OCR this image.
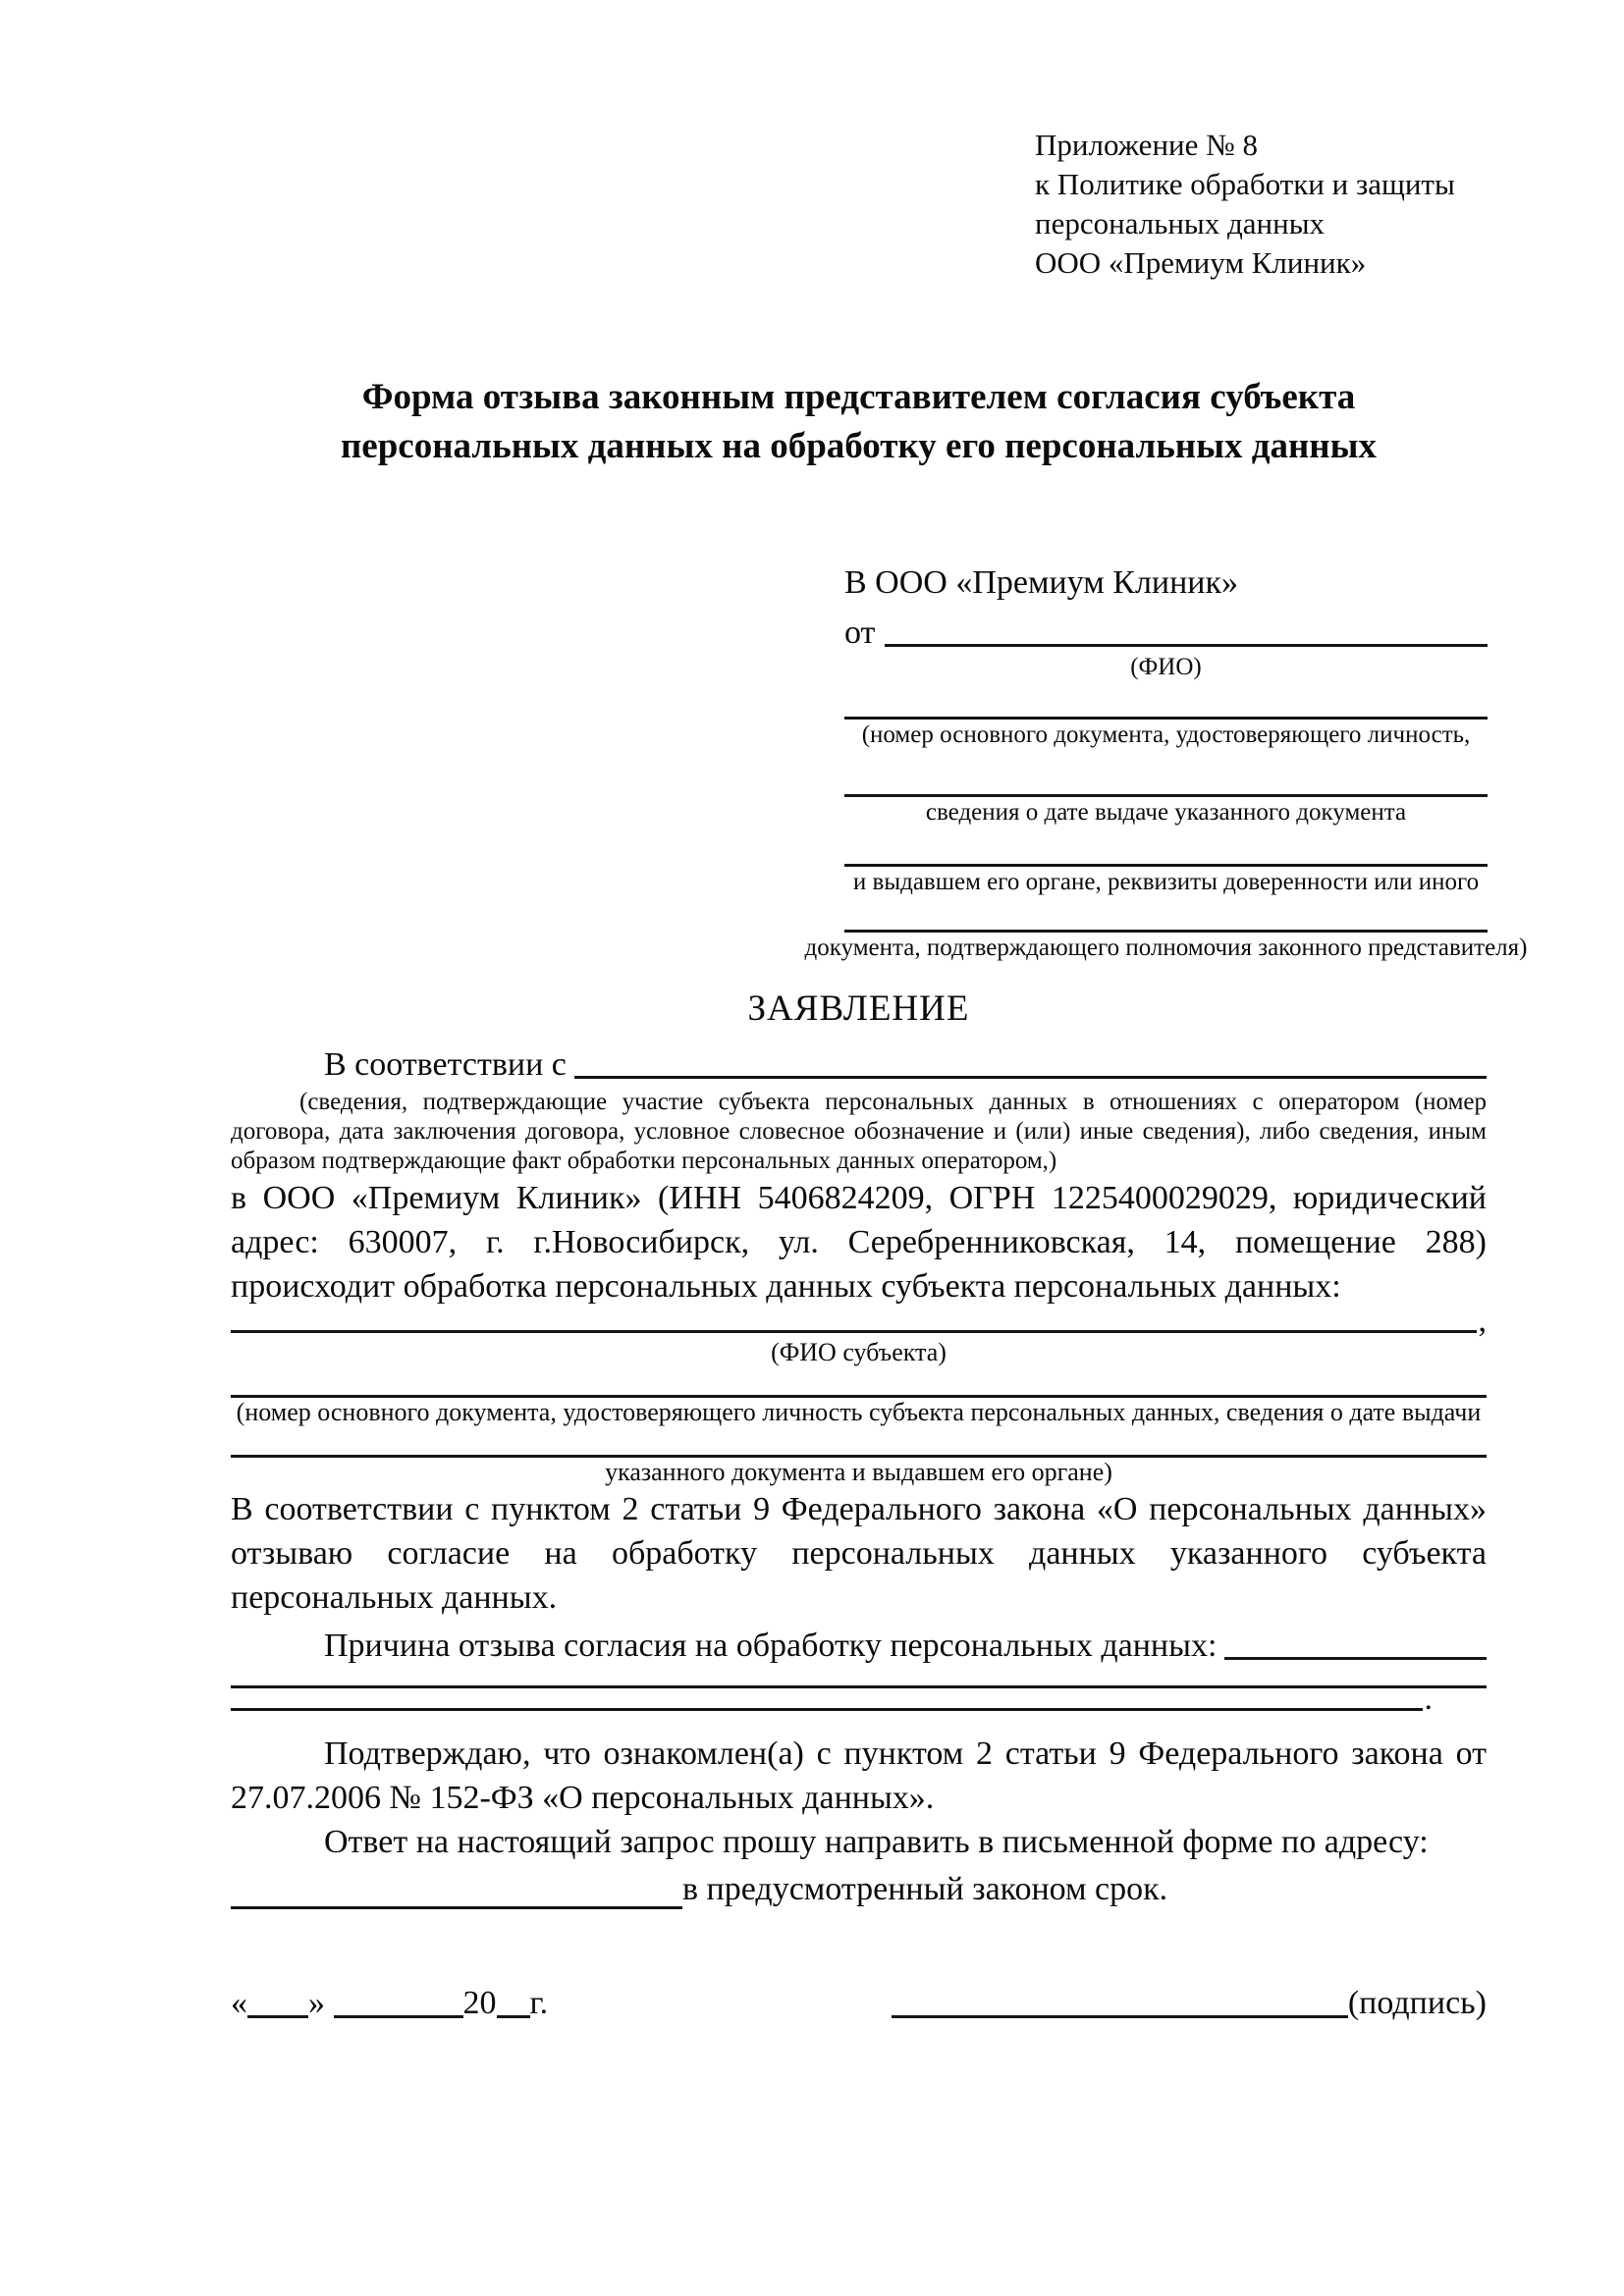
Приложение № 8
к Политике обработки и защиты
персональных данных
ООО «Премиум Клиник»
Форма отзыва законным представителем согласия субъекта персональных данных на обработку его персональных данных
В ООО «Премиум Клиник»
от
(ФИО)
(номер основного документа, удостоверяющего личность,
сведения о дате выдаче указанного документа
и выдавшем его органе, реквизиты доверенности или иного
документа, подтверждающего полномочия законного представителя)
ЗАЯВЛЕНИЕ
В соответствии с
(сведения, подтверждающие участие субъекта персональных данных в отношениях с оператором (номер договора, дата заключения договора, условное словесное обозначение и (или) иные сведения), либо сведения, иным образом подтверждающие факт обработки персональных данных оператором,)

в ООО «Премиум Клиник» (ИНН 5406824209, ОГРН 1225400029029, юридический адрес: 630007, г. г.Новосибирск, ул. Серебренниковская, 14, помещение 288) происходит обработка персональных данных субъекта персональных данных:

,
(ФИО субъекта)
(номер основного документа, удостоверяющего личность субъекта персональных данных, сведения о дате выдачи
указанного документа и выдавшем его органе)

В соответствии с пунктом 2 статьи 9 Федерального закона «О персональных данных» отзываю согласие на обработку персональных данных указанного субъекта персональных данных.

Причина отзыва согласия на обработку персональных данных:
.

Подтверждаю, что ознакомлен(а) с пунктом 2 статьи 9 Федерального закона от 27.07.2006 № 152-ФЗ «О персональных данных».

Ответ на настоящий запрос прошу направить в письменной форме по адресу:

в предусмотренный законом срок.
« »	20 г.	(подпись)
